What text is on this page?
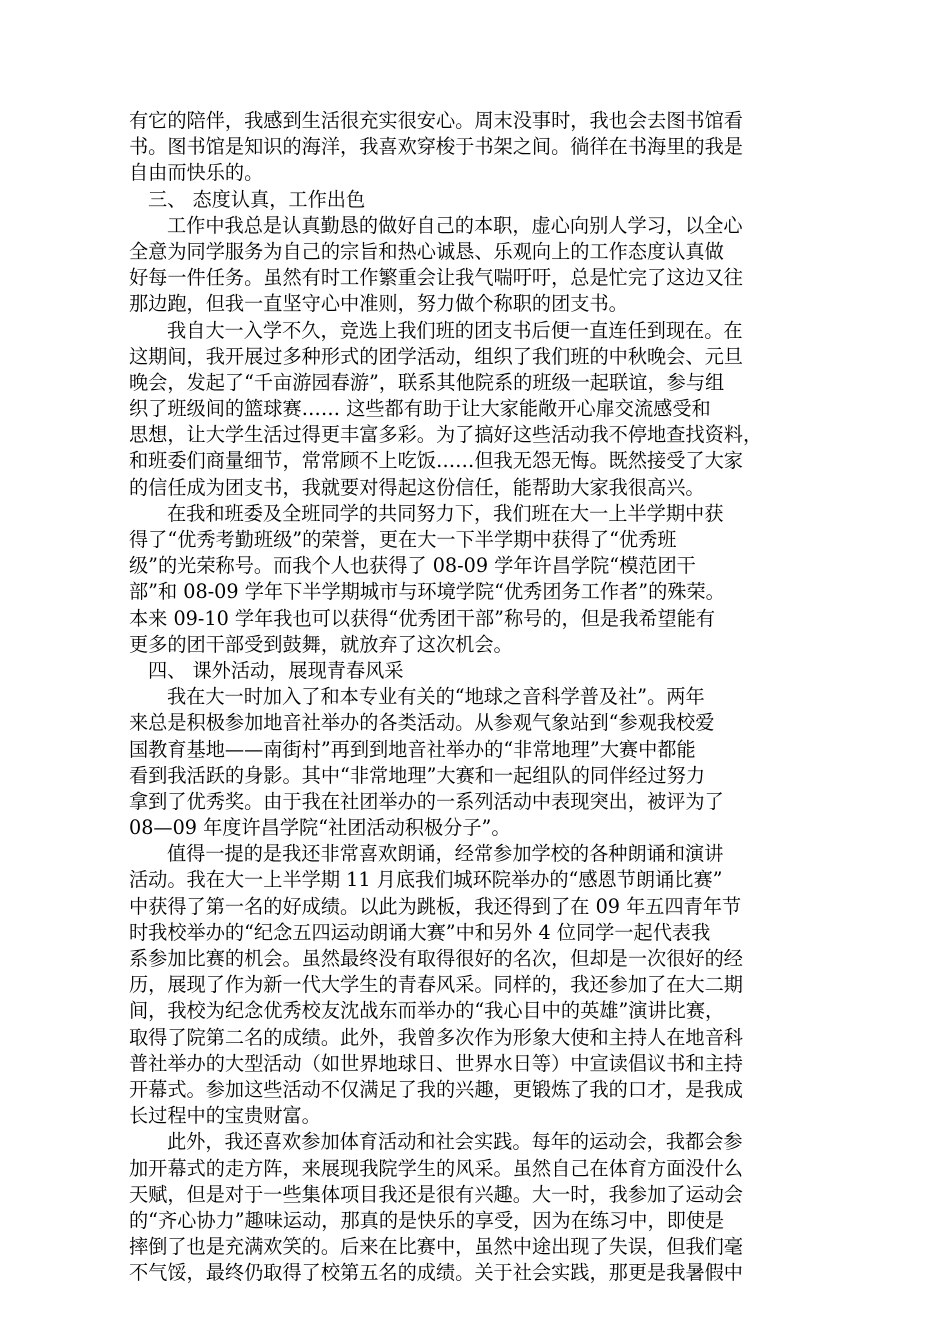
有它的陪伴，我感到生活很充实很安心。周末没事时，我也会去图书馆看
书。图书馆是知识的海洋，我喜欢穿梭于书架之间。徜徉在书海里的我是
自由而快乐的。
三、 态度认真，工作出色
工作中我总是认真勤恳的做好自己的本职，虚心向别人学习，以全心
全意为同学服务为自己的宗旨和热心诚恳、乐观向上的工作态度认真做
好每一件任务。虽然有时工作繁重会让我气喘吁吁，总是忙完了这边又往
那边跑，但我一直坚守心中准则，努力做个称职的团支书。
我自大一入学不久，竞选上我们班的团支书后便一直连任到现在。在
这期间，我开展过多种形式的团学活动，组织了我们班的中秋晚会、元旦
晚会，发起了“千亩游园春游”，联系其他院系的班级一起联谊，参与组
织了班级间的篮球赛…… 这些都有助于让大家能敞开心扉交流感受和
思想，让大学生活过得更丰富多彩。为了搞好这些活动我不停地查找资料，
和班委们商量细节，常常顾不上吃饭……但我无怨无悔。既然接受了大家
的信任成为团支书，我就要对得起这份信任，能帮助大家我很高兴。
在我和班委及全班同学的共同努力下，我们班在大一上半学期中获
得了“优秀考勤班级”的荣誉，更在大一下半学期中获得了“优秀班
级”的光荣称号。而我个人也获得了 08-09 学年许昌学院“模范团干
部”和 08-09 学年下半学期城市与环境学院“优秀团务工作者”的殊荣。
本来 09-10 学年我也可以获得“优秀团干部”称号的，但是我希望能有
更多的团干部受到鼓舞，就放弃了这次机会。
四、 课外活动，展现青春风采
我在大一时加入了和本专业有关的“地球之音科学普及社”。两年
来总是积极参加地音社举办的各类活动。从参观气象站到“参观我校爱
国教育基地——南街村”再到到地音社举办的“非常地理”大赛中都能
看到我活跃的身影。其中“非常地理”大赛和一起组队的同伴经过努力
拿到了优秀奖。由于我在社团举办的一系列活动中表现突出，被评为了
08—09 年度许昌学院“社团活动积极分子”。
值得一提的是我还非常喜欢朗诵，经常参加学校的各种朗诵和演讲
活动。我在大一上半学期 11 月底我们城环院举办的“感恩节朗诵比赛”
中获得了第一名的好成绩。以此为跳板，我还得到了在 09 年五四青年节
时我校举办的“纪念五四运动朗诵大赛”中和另外 4 位同学一起代表我
系参加比赛的机会。虽然最终没有取得很好的名次，但却是一次很好的经
历，展现了作为新一代大学生的青春风采。同样的，我还参加了在大二期
间，我校为纪念优秀校友沈战东而举办的“我心目中的英雄”演讲比赛，
取得了院第二名的成绩。此外，我曾多次作为形象大使和主持人在地音科
普社举办的大型活动（如世界地球日、世界水日等）中宣读倡议书和主持
开幕式。参加这些活动不仅满足了我的兴趣，更锻炼了我的口才，是我成
长过程中的宝贵财富。
此外，我还喜欢参加体育活动和社会实践。每年的运动会，我都会参
加开幕式的走方阵，来展现我院学生的风采。虽然自己在体育方面没什么
天赋，但是对于一些集体项目我还是很有兴趣。大一时，我参加了运动会
的“齐心协力”趣味运动，那真的是快乐的享受，因为在练习中，即使是
摔倒了也是充满欢笑的。后来在比赛中，虽然中途出现了失误，但我们毫
不气馁，最终仍取得了校第五名的成绩。关于社会实践，那更是我暑假中
